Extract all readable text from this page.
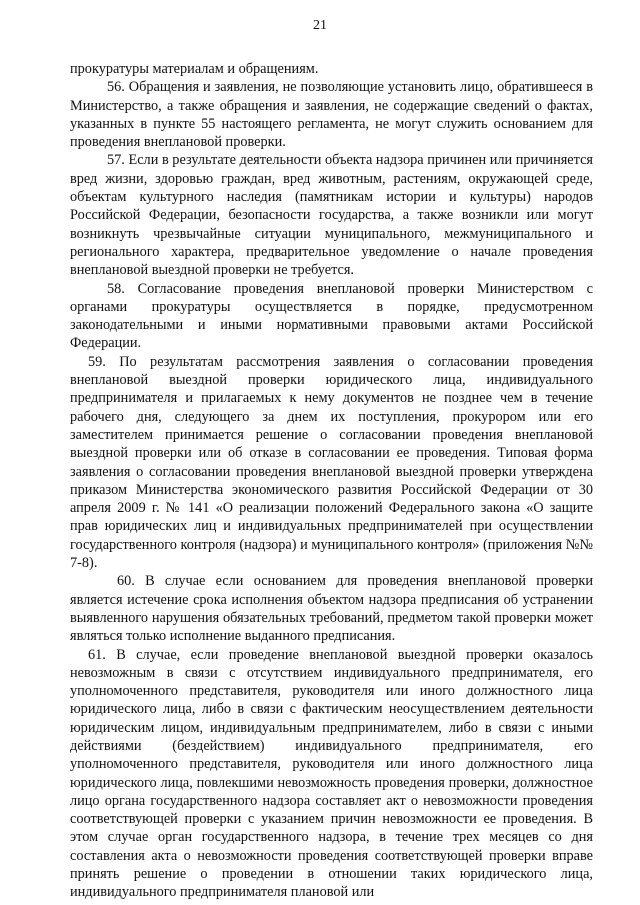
21

прокуратуры материалам и обращениям.

56. Обращения и заявления, не позволяющие установить лицо, обратившееся в Министерство, а также обращения и заявления, не содержащие сведений о фактах, указанных в пункте 55 настоящего регламента, не могут служить основанием для проведения внеплановой проверки.

57. Если в результате деятельности объекта надзора причинен или причиняется вред жизни, здоровью граждан, вред животным, растениям, окружающей среде, объектам культурного наследия (памятникам истории и культуры) народов Российской Федерации, безопасности государства, а также возникли или могут возникнуть чрезвычайные ситуации муниципального, межмуниципального и регионального характера, предварительное уведомление о начале проведения внеплановой выездной проверки не требуется.

58. Согласование проведения внеплановой проверки Министерством с органами прокуратуры осуществляется в порядке, предусмотренном законодательными и иными нормативными правовыми актами Российской Федерации.

59. По результатам рассмотрения заявления о согласовании проведения внеплановой выездной проверки юридического лица, индивидуального предпринимателя и прилагаемых к нему документов не позднее чем в течение рабочего дня, следующего за днем их поступления, прокурором или его заместителем принимается решение о согласовании проведения внеплановой выездной проверки или об отказе в согласовании ее проведения. Типовая форма заявления о согласовании проведения внеплановой выездной проверки утверждена приказом Министерства экономического развития Российской Федерации от 30 апреля 2009 г. № 141 «О реализации положений Федерального закона «О защите прав юридических лиц и индивидуальных предпринимателей при осуществлении государственного контроля (надзора) и муниципального контроля» (приложения №№ 7-8).

60. В случае если основанием для проведения внеплановой проверки является истечение срока исполнения объектом надзора предписания об устранении выявленного нарушения обязательных требований, предметом такой проверки может являться только исполнение выданного предписания.

61. В случае, если проведение внеплановой выездной проверки оказалось невозможным в связи с отсутствием индивидуального предпринимателя, его уполномоченного представителя, руководителя или иного должностного лица юридического лица, либо в связи с фактическим неосуществлением деятельности юридическим лицом, индивидуальным предпринимателем, либо в связи с иными действиями (бездействием) индивидуального предпринимателя, его уполномоченного представителя, руководителя или иного должностного лица юридического лица, повлекшими невозможность проведения проверки, должностное лицо органа государственного надзора составляет акт о невозможности проведения соответствующей проверки с указанием причин невозможности ее проведения. В этом случае орган государственного надзора, в течение трех месяцев со дня составления акта о невозможности проведения соответствующей проверки вправе принять решение о проведении в отношении таких юридического лица, индивидуального предпринимателя плановой или
